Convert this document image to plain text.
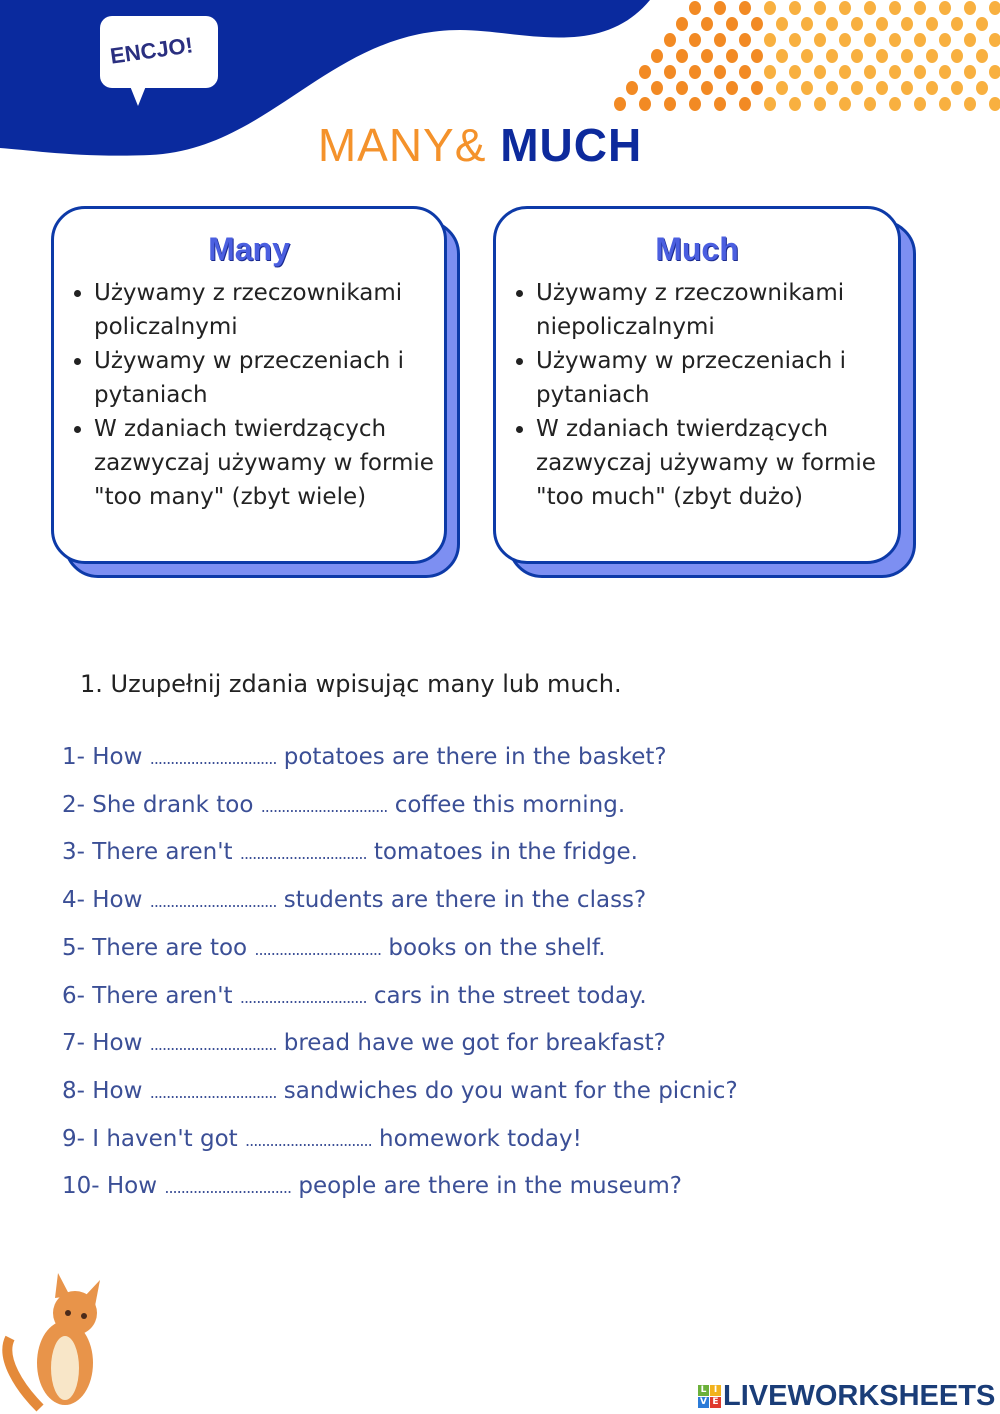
ENCJO!
MANY& MUCH
Many
• Używamy z rzeczownikami policzalnymi
• Używamy w przeczeniach i pytaniach
• W zdaniach twierdzących zazwyczaj używamy w formie "too many" (zbyt wiele)
Much
• Używamy z rzeczownikami niepoliczalnymi
• Używamy w przeczeniach i pytaniach
• W zdaniach twierdzących zazwyczaj używamy w formie "too much" (zbyt dużo)
1. Uzupełnij zdania wpisując many lub much.
1- How ............................... potatoes are there in the basket?
2- She drank too ............................... coffee this morning.
3- There aren't ............................... tomatoes in the fridge.
4- How ............................... students are there in the class?
5- There are too ............................... books on the shelf.
6- There aren't ............................... cars in the street today.
7- How ............................... bread have we got for breakfast?
8- How ............................... sandwiches do you want for the picnic?
9- I haven't got ............................... homework today!
10- How ............................... people are there in the museum?
L I
V E LIVEWORKSHEETS
